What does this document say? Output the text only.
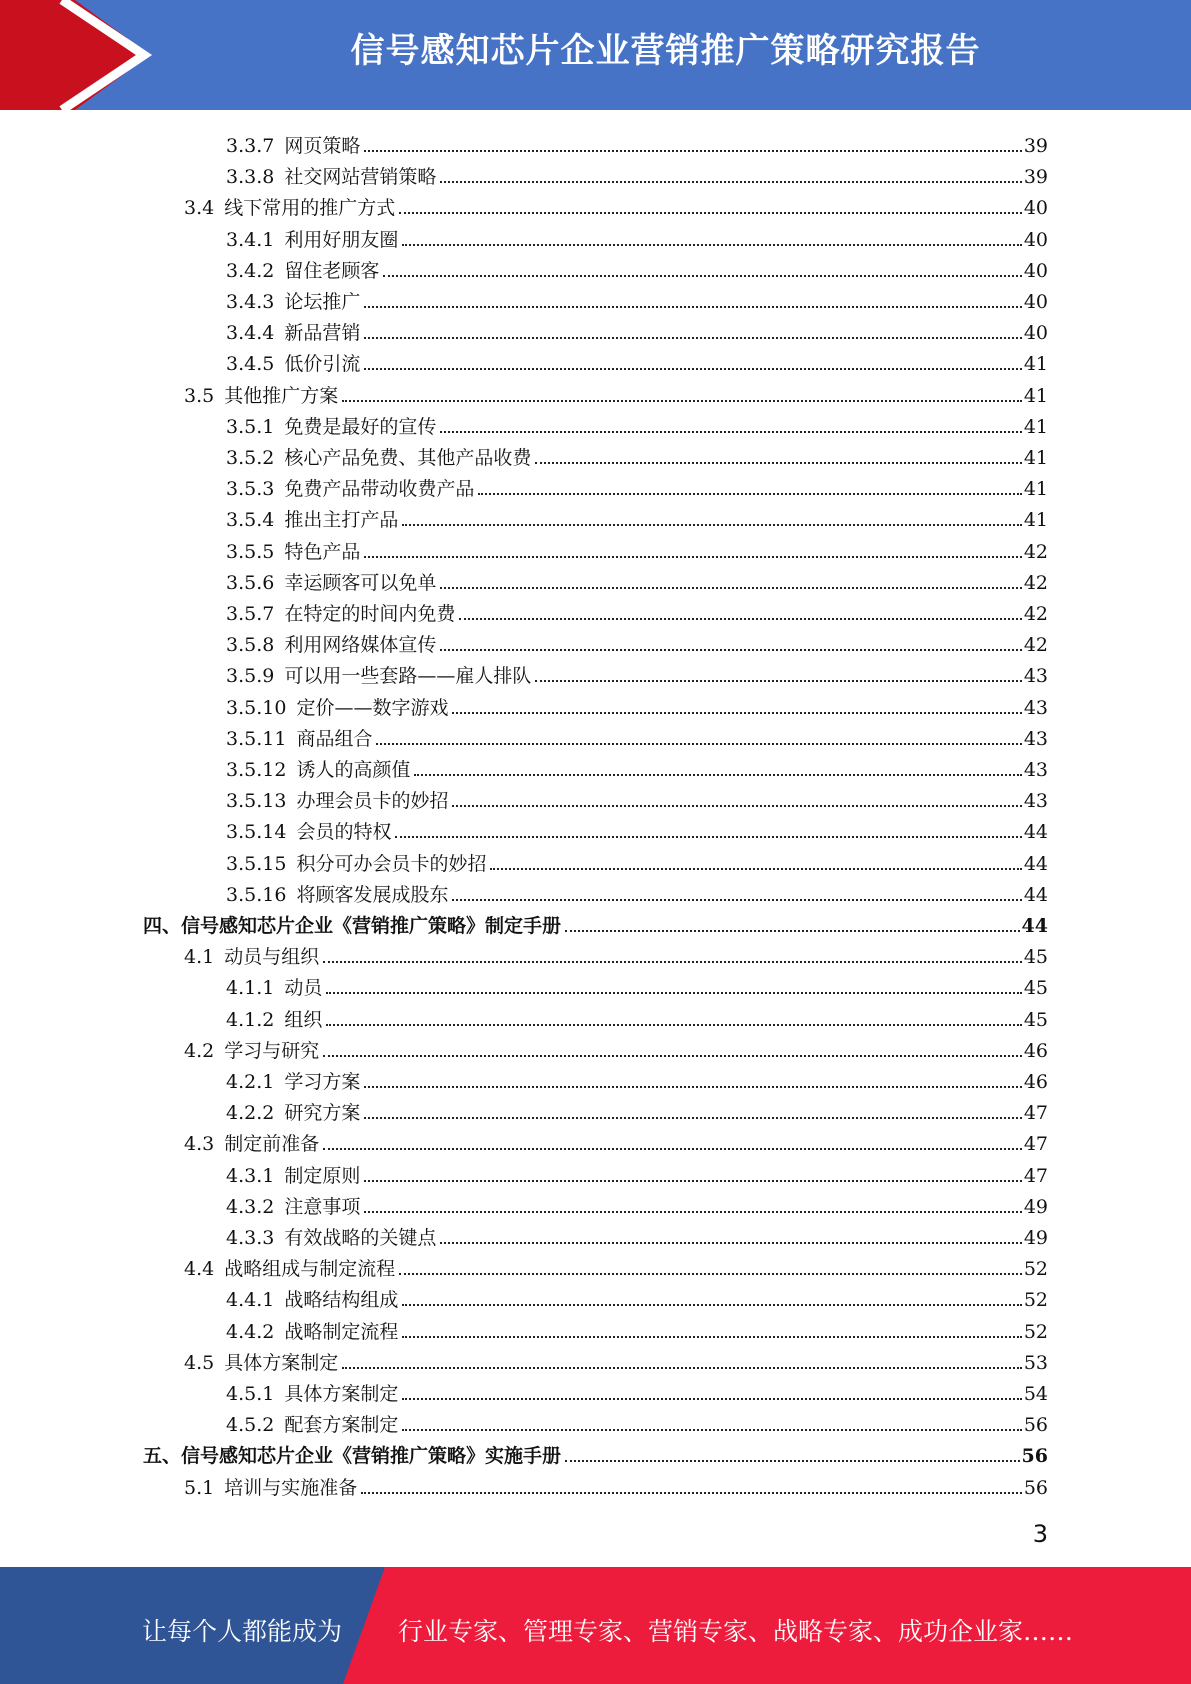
信号感知芯片企业营销推广策略研究报告
3.3.7 网页策略	39
3.3.8 社交网站营销策略	39
3.4 线下常用的推广方式	40
3.4.1 利用好朋友圈	40
3.4.2 留住老顾客	40
3.4.3 论坛推广	40
3.4.4 新品营销	40
3.4.5 低价引流	41
3.5 其他推广方案	41
3.5.1 免费是最好的宣传	41
3.5.2 核心产品免费、其他产品收费	41
3.5.3 免费产品带动收费产品	41
3.5.4 推出主打产品	41
3.5.5 特色产品	42
3.5.6 幸运顾客可以免单	42
3.5.7 在特定的时间内免费	42
3.5.8 利用网络媒体宣传	42
3.5.9 可以用一些套路——雇人排队	43
3.5.10 定价——数字游戏	43
3.5.11 商品组合	43
3.5.12 诱人的高颜值	43
3.5.13 办理会员卡的妙招	43
3.5.14 会员的特权	44
3.5.15 积分可办会员卡的妙招	44
3.5.16 将顾客发展成股东	44
四、信号感知芯片企业《营销推广策略》制定手册	44
4.1 动员与组织	45
4.1.1 动员	45
4.1.2 组织	45
4.2 学习与研究	46
4.2.1 学习方案	46
4.2.2 研究方案	47
4.3 制定前准备	47
4.3.1 制定原则	47
4.3.2 注意事项	49
4.3.3 有效战略的关键点	49
4.4 战略组成与制定流程	52
4.4.1 战略结构组成	52
4.4.2 战略制定流程	52
4.5 具体方案制定	53
4.5.1 具体方案制定	54
4.5.2 配套方案制定	56
五、信号感知芯片企业《营销推广策略》实施手册	56
5.1 培训与实施准备	56
3
让每个人都能成为 行业专家、管理专家、营销专家、战略专家、成功企业家……
